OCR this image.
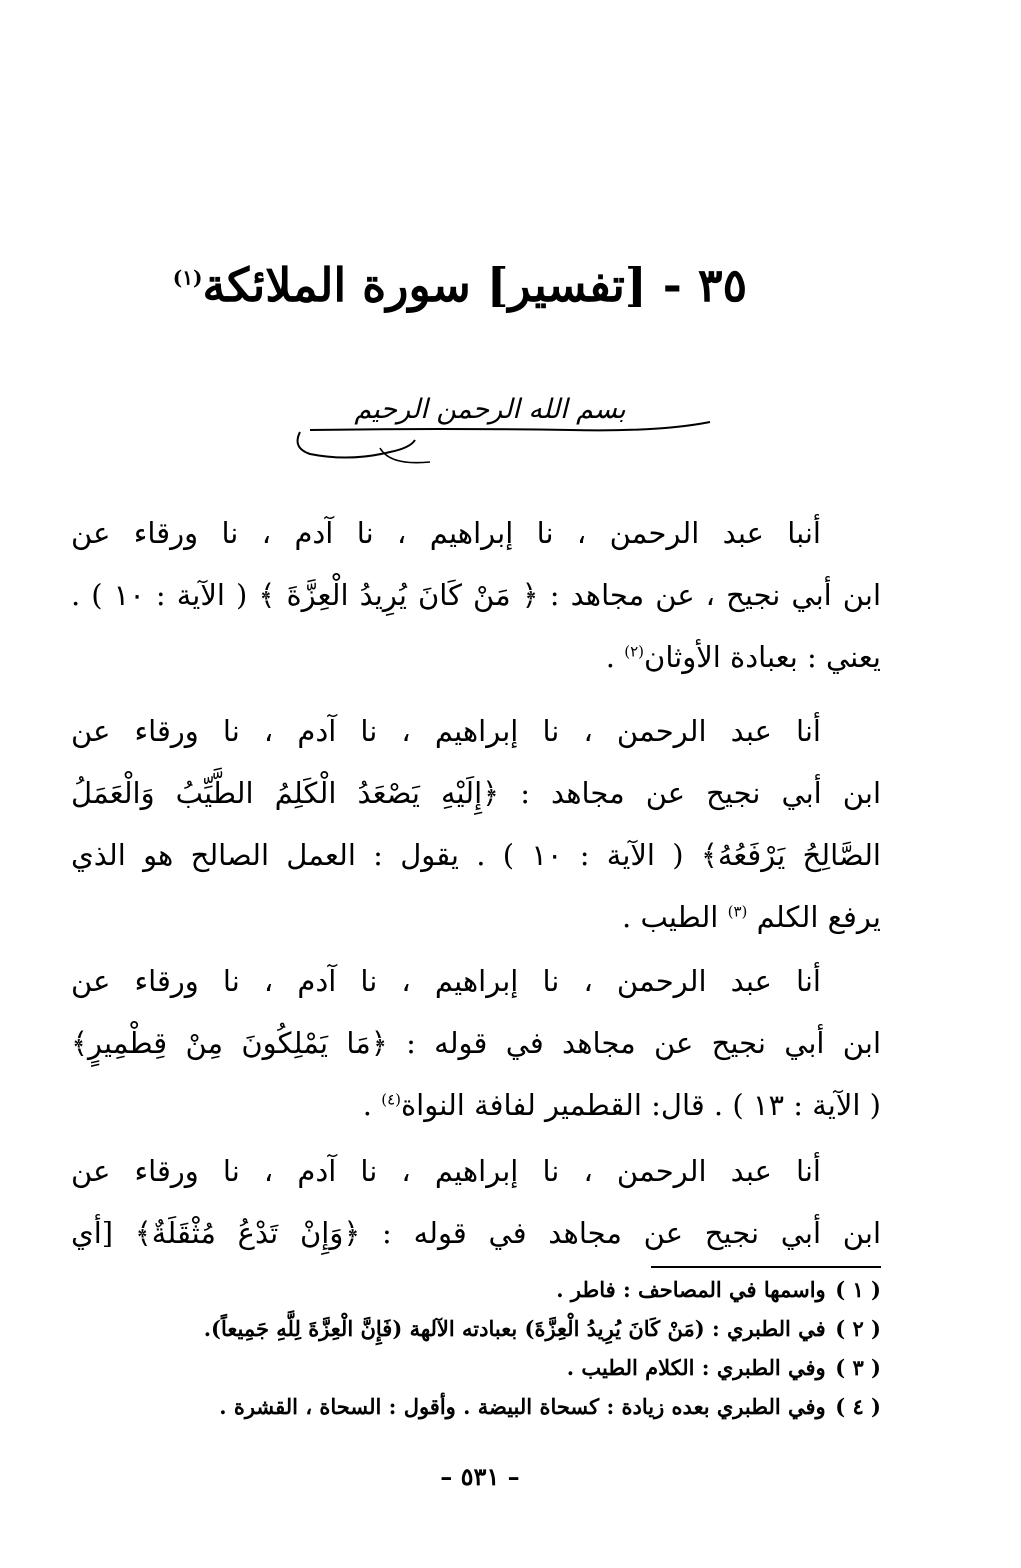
٣٥ - [تفسير] سورة الملائكة$^{(١)}$
بسم الله الرحمن الرحيم
أنبا عبد الرحمن ، نا إبراهيم ، نا آدم ، نا ورقاء عن
ابن أبي نجيح ، عن مجاهد : ﴿ مَنْ كَانَ يُرِيدُ الْعِزَّةَ ﴾ ( الآية : ١٠ ) .
يعني : بعبادة الأوثان$^{(٢)}$ .
أنا عبد الرحمن ، نا إبراهيم ، نا آدم ، نا ورقاء عن
ابن أبي نجيح عن مجاهد : ﴿إِلَيْهِ يَصْعَدُ الْكَلِمُ الطَّيِّبُ وَالْعَمَلُ
الصَّالِحُ يَرْفَعُهُ﴾ ( الآية : ١٠ ) . يقول : العمل الصالح هو الذي
يرفع الكلم $^{(٣)}$ الطيب .
أنا عبد الرحمن ، نا إبراهيم ، نا آدم ، نا ورقاء عن
ابن أبي نجيح عن مجاهد في قوله : ﴿مَا يَمْلِكُونَ مِنْ قِطْمِيرٍ﴾
( الآية : ١٣ ) . قال: القطمير لفافة النواة$^{(٤)}$ .
أنا عبد الرحمن ، نا إبراهيم ، نا آدم ، نا ورقاء عن
ابن أبي نجيح عن مجاهد في قوله : ﴿وَإِنْ تَدْعُ مُثْقَلَةٌ﴾ [أي
( ١ ) واسمها في المصاحف : فاطر .
( ٢ ) في الطبري : (مَنْ كَانَ يُرِيدُ الْعِزَّةَ) بعبادته الآلهة (فَإِنَّ الْعِزَّةَ لِلَّهِ جَمِيعاً).
( ٣ ) وفي الطبري : الكلام الطيب .
( ٤ ) وفي الطبري بعده زيادة : كسحاة البيضة . وأقول : السحاة ، القشرة .
– ٥٣١ –
